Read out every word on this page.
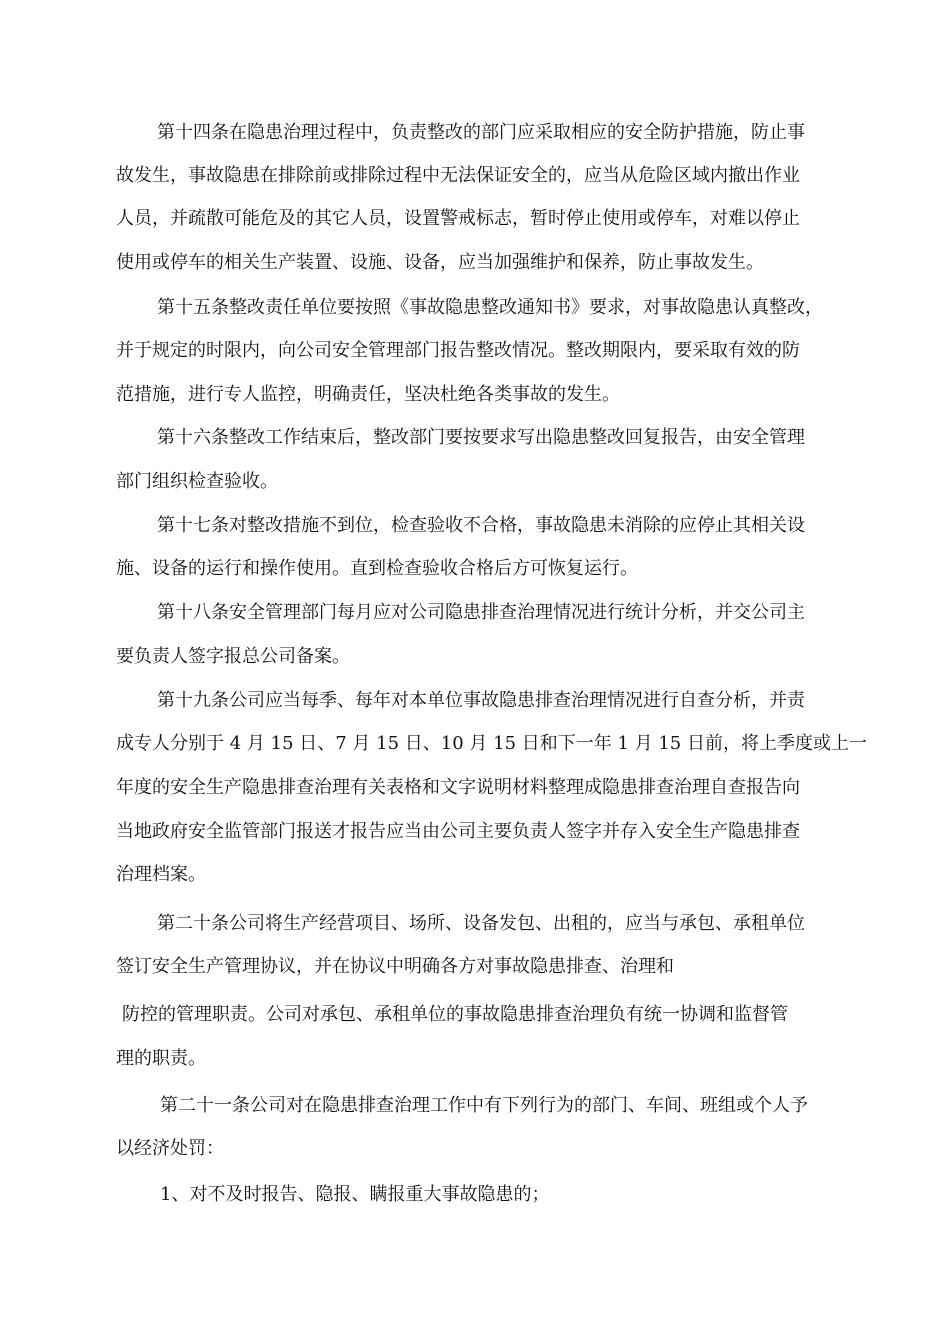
第十四条在隐患治理过程中，负责整改的部门应采取相应的安全防护措施，防止事
故发生，事故隐患在排除前或排除过程中无法保证安全的，应当从危险区域内撤出作业
人员，并疏散可能危及的其它人员，设置警戒标志，暂时停止使用或停车，对难以停止
使用或停车的相关生产装置、设施、设备，应当加强维护和保养，防止事故发生。
第十五条整改责任单位要按照《事故隐患整改通知书》要求，对事故隐患认真整改，
并于规定的时限内，向公司安全管理部门报告整改情况。整改期限内，要采取有效的防
范措施，进行专人监控，明确责任，坚决杜绝各类事故的发生。
第十六条整改工作结束后，整改部门要按要求写出隐患整改回复报告，由安全管理
部门组织检查验收。
第十七条对整改措施不到位，检查验收不合格，事故隐患未消除的应停止其相关设
施、设备的运行和操作使用。直到检查验收合格后方可恢复运行。
第十八条安全管理部门每月应对公司隐患排查治理情况进行统计分析，并交公司主
要负责人签字报总公司备案。
第十九条公司应当每季、每年对本单位事故隐患排查治理情况进行自查分析，并责
成专人分别于 4 月 15 日、7 月 15 日、10 月 15 日和下一年 1 月 15 日前，将上季度或上一
年度的安全生产隐患排查治理有关表格和文字说明材料整理成隐患排查治理自查报告向
当地政府安全监管部门报送才报告应当由公司主要负责人签字并存入安全生产隐患排查
治理档案。
第二十条公司将生产经营项目、场所、设备发包、出租的，应当与承包、承租单位
签订安全生产管理协议，并在协议中明确各方对事故隐患排查、治理和
防控的管理职责。公司对承包、承租单位的事故隐患排查治理负有统一协调和监督管
理的职责。
第二十一条公司对在隐患排查治理工作中有下列行为的部门、车间、班组或个人予
以经济处罚：
1、对不及时报告、隐报、瞒报重大事故隐患的；
